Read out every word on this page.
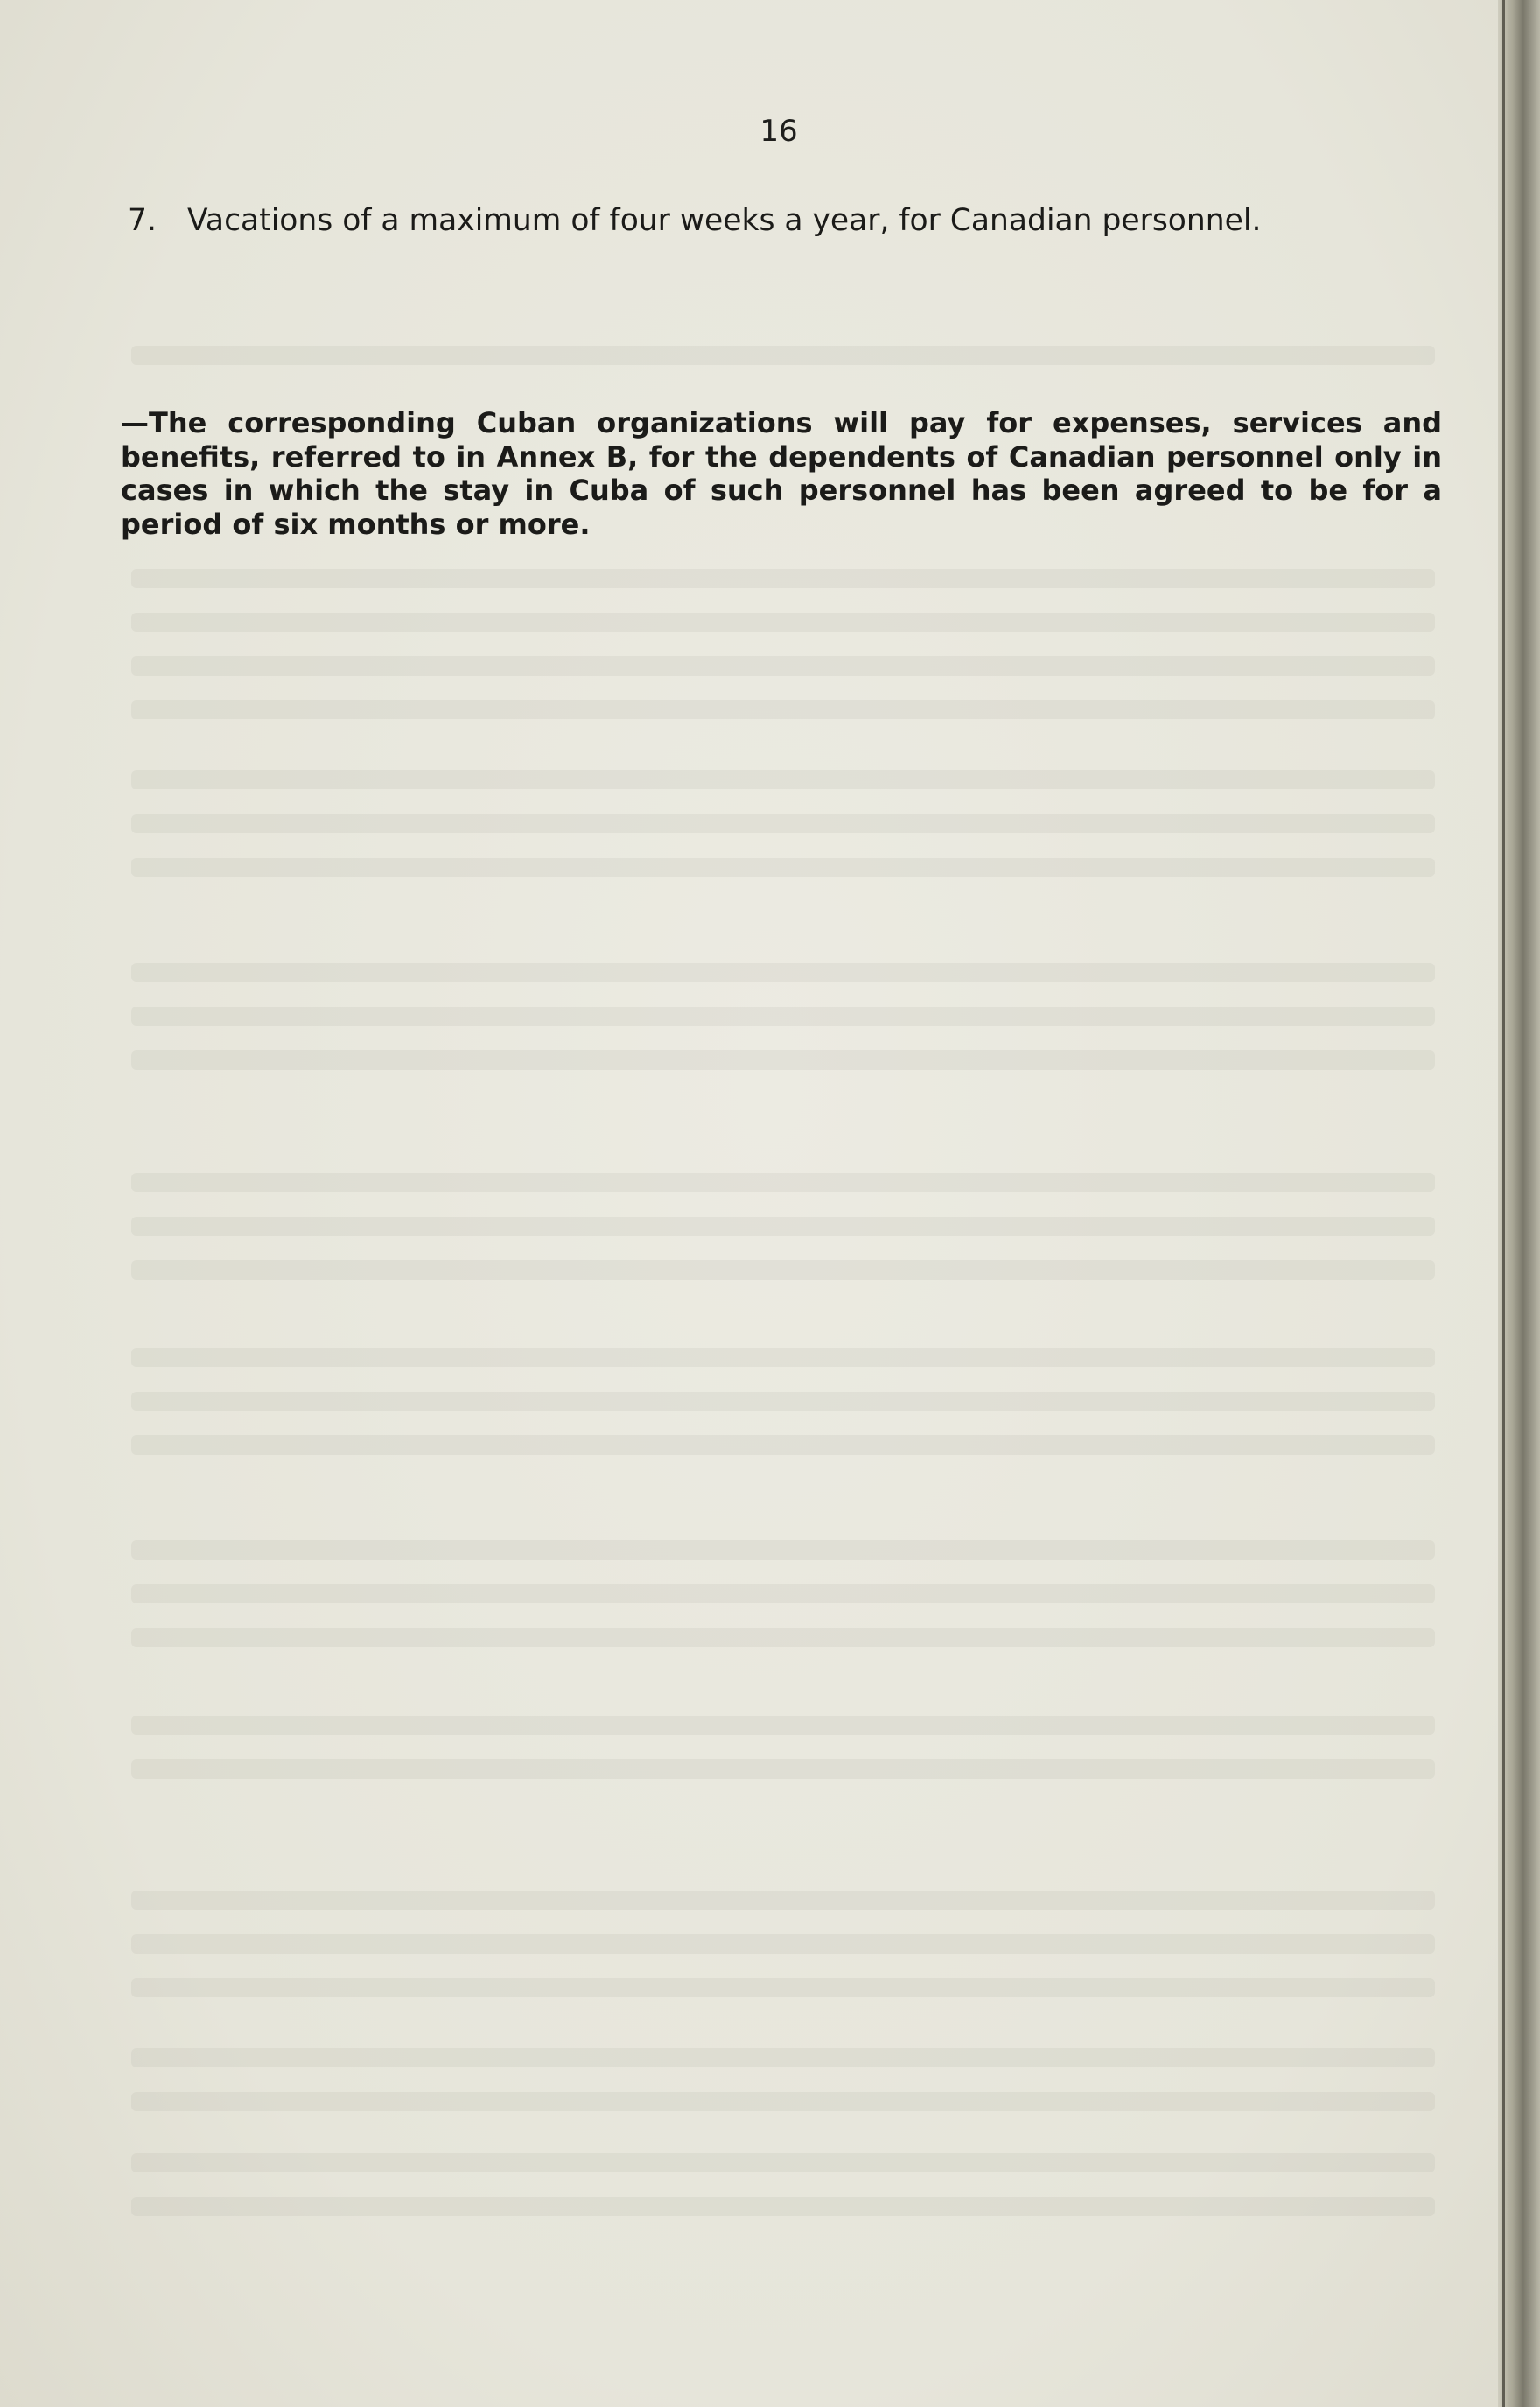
16
7. Vacations of a maximum of four weeks a year, for Canadian personnel.
—The corresponding Cuban organizations will pay for expenses, services and benefits, referred to in Annex B, for the dependents of Canadian personnel only in cases in which the stay in Cuba of such personnel has been agreed to be for a period of six months or more.
